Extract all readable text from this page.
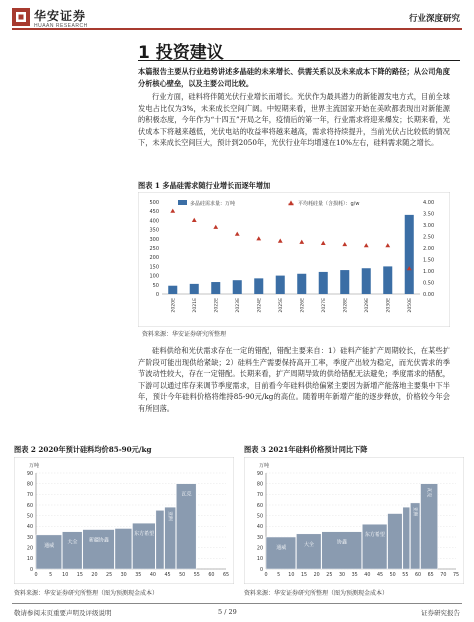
华安证券
HUAAN RESEARCH
行业深度研究
1 投资建议
本篇报告主要从行业趋势讲述多晶硅的未来增长、供需关系以及未来成本下降的路径；从公司角度分析核心壁垒，以及主要公司比较。
行业方面，硅料将伴随光伏行业增长而增长。光伏作为最具潜力的新能源发电方式，目前全球发电占比仅为3%，未来成长空间广阔。中短期来看，世界主流国家开始在美欧都表现出对新能源的积极态度，今年作为“十四五”开局之年，疫情后的第一年，行业需求将迎来爆发；长期来看，光伏成本下将越来越低，光伏电站的收益率将越来越高，需求将持续提升，当前光伏占比较低的情况下，未来成长空间巨大，预计到2050年，光伏行业年均增速在10%左右，硅料需求随之增长。
图表 1 多晶硅需求随行业增长而逐年增加
0
50
100
150
200
250
300
350
400
450
500
0.00
0.50
1.00
1.50
2.00
2.50
3.00
3.50
4.00
2020E	2021E	2022E	2023E	2024E	2025E	2026E	2027E	2028E	2029E	2030E	2050E
多晶硅需求量：万吨	平均耗硅量（含损耗）：g/w
资料来源：华安证券研究所整理
硅料供给和光伏需求存在一定的错配，错配主要来自：1）硅料产能扩产周期较长，在某些扩产阶段可能出现供给紧缺；2）硅料生产需要保持高开工率，季度产出较为稳定，而光伏需求的季节波动性较大，存在一定错配。长期来看，扩产周期导致的供给错配无法避免；季度需求的错配，下游可以通过库存来调节季度需求，目前看今年硅料供给偏紧主要因为新增产能落地主要集中下半年，预计今年硅料价格将维持85-90元/kg的高位。随着明年新增产能的逐步释放，价格较今年会有所回落。
图表 2 2020年预计硅料均价85-90元/kg	图表 3 2021年硅料价格预计同比下降
万吨
0
10
20
30
40
50
60
70
80
90
0 5 10 15 20 25 30 35 40 45 50 55 60 65
通威
大全 新疆协鑫
东方希望
亚洲
瓦克
万吨
0
10
20
30
40
50
60
70
80
90
0 5 10 15 20 25 30 35 40 45 50 55 60 65 70 75
通威
大全	协鑫
东方希望
亚洲
瓦克
资料来源：华安证券研究所整理（图为预测现金成本）	资料来源：华安证券研究所整理（图为预测现金成本）
敬请参阅末页重要声明及评级说明	5 / 29	证券研究报告
